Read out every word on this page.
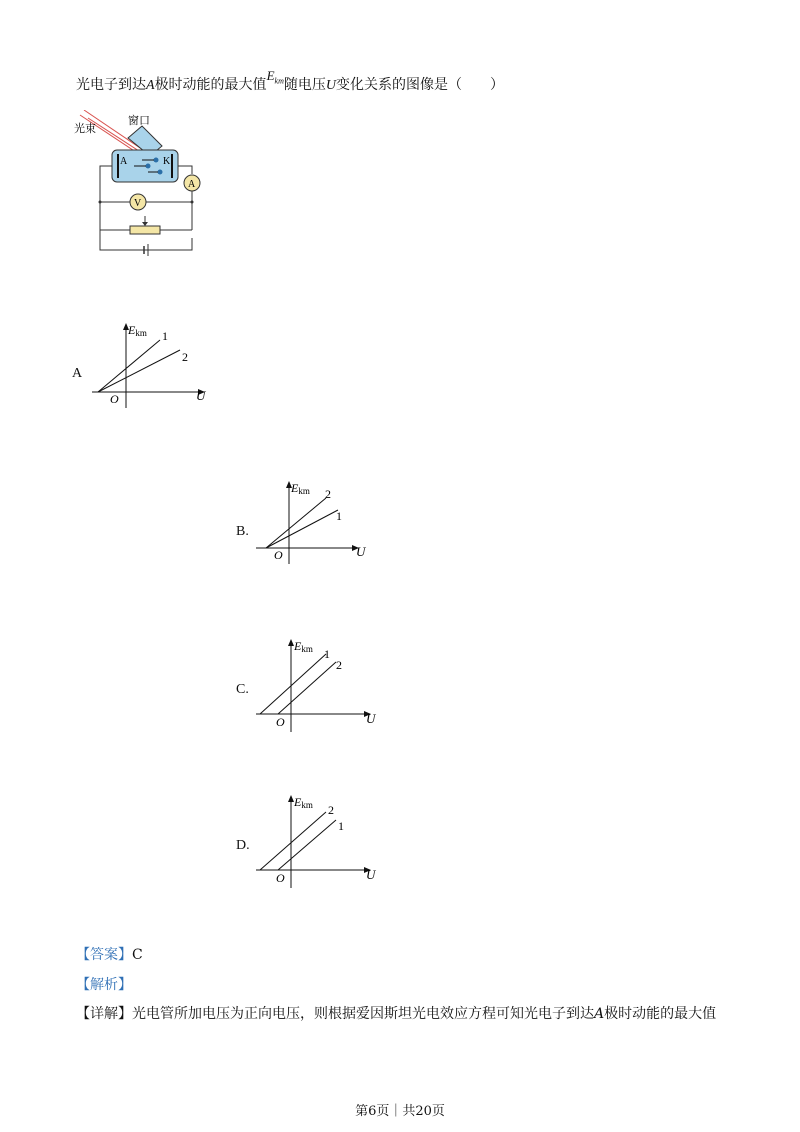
光电子到达A极时动能的最大值$E_{km}$随电压U变化关系的图像是（　　）
光束
窗口
A	K
A
V
A
Ekm
U
O
1
2
B.
Ekm
U
O
2
1
C.
Ekm
U
O
1
2
D.
Ekm
U
O
2
1
【答案】C
【解析】
【详解】光电管所加电压为正向电压，则根据爱因斯坦光电效应方程可知光电子到达A极时动能的最大值
第6页｜共20页
